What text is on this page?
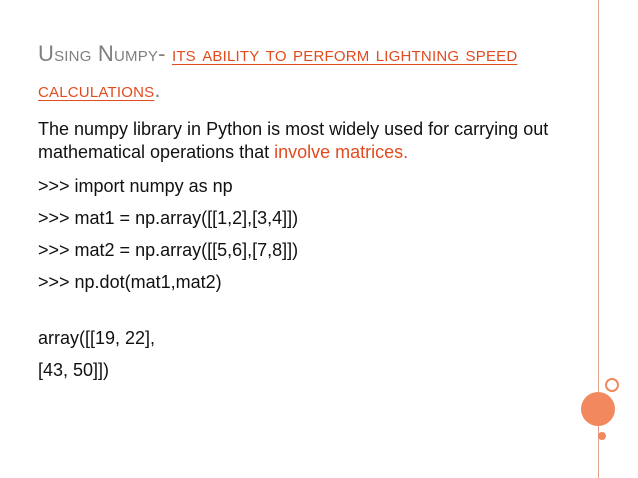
Using Numpy- its ability to perform lightning speed calculations.
The numpy library in Python is most widely used for carrying out mathematical operations that involve matrices.
>>> import numpy as np
>>> mat1 = np.array([[1,2],[3,4]])
>>> mat2 = np.array([[5,6],[7,8]])
>>> np.dot(mat1,mat2)
array([[19, 22],
[43, 50]])
